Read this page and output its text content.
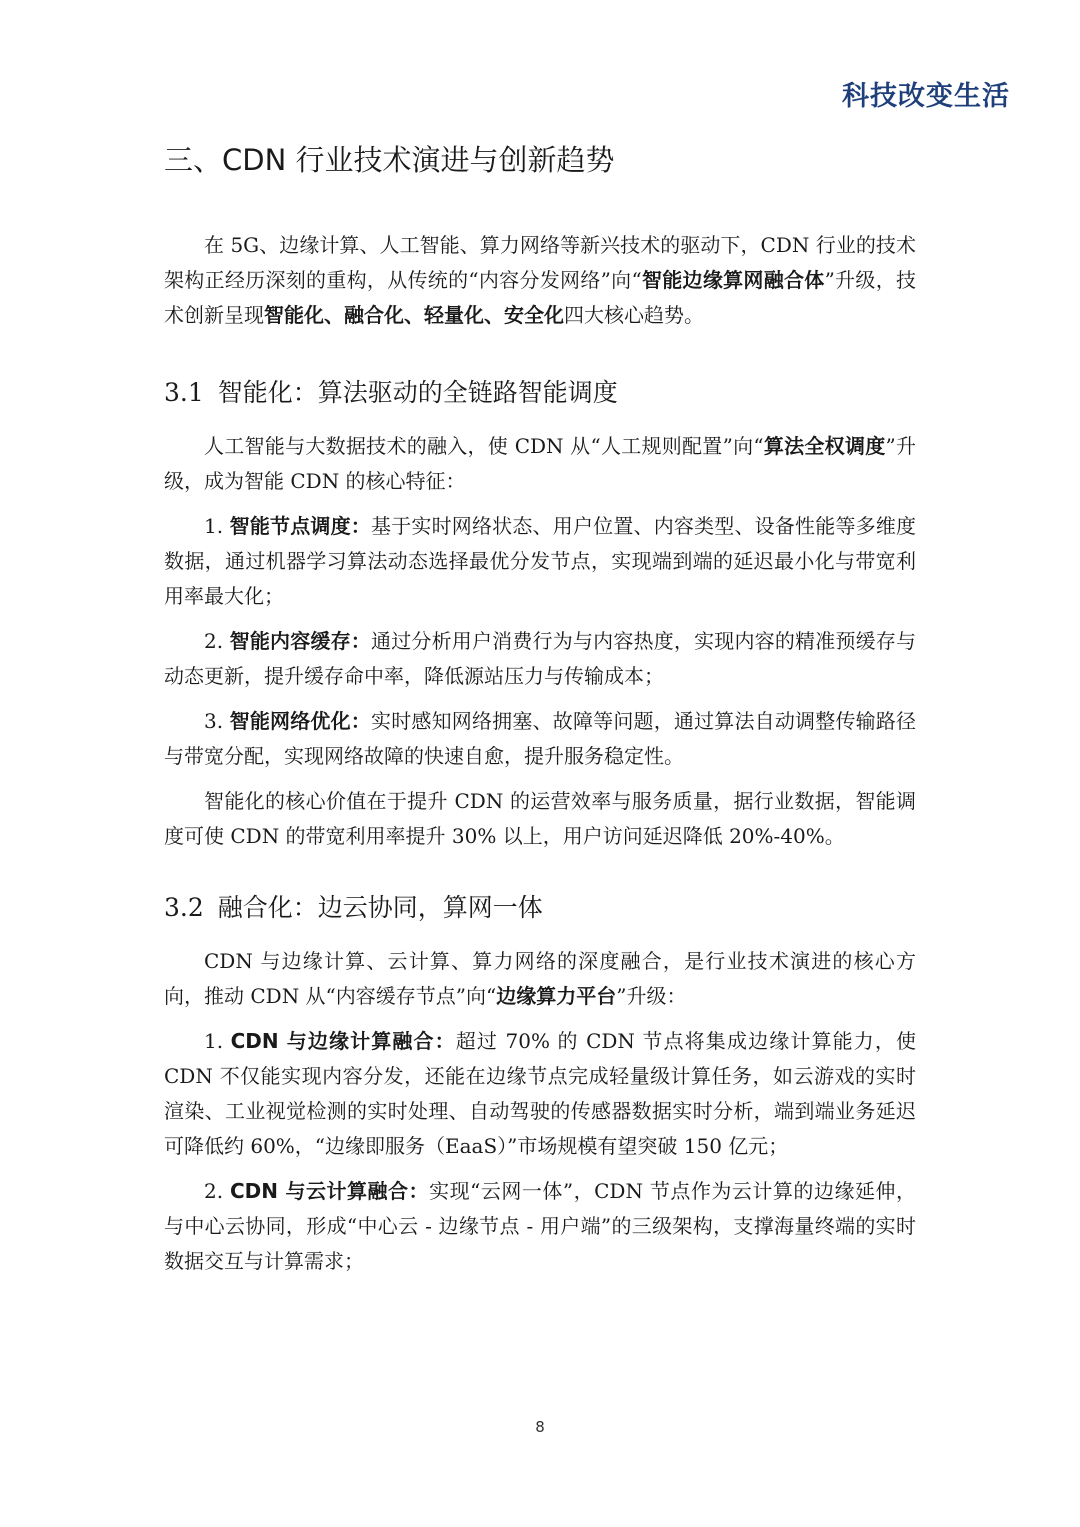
科技改变生活
三、CDN 行业技术演进与创新趋势

在 5G、边缘计算、人工智能、算力网络等新兴技术的驱动下，CDN 行业的技术架构正经历深刻的重构，从传统的“内容分发网络”向“智能边缘算网融合体”升级，技术创新呈现智能化、融合化、轻量化、安全化四大核心趋势。

3.1 智能化：算法驱动的全链路智能调度

人工智能与大数据技术的融入，使 CDN 从“人工规则配置”向“算法全权调度”升级，成为智能 CDN 的核心特征：

1. 智能节点调度：基于实时网络状态、用户位置、内容类型、设备性能等多维度数据，通过机器学习算法动态选择最优分发节点，实现端到端的延迟最小化与带宽利用率最大化；

2. 智能内容缓存：通过分析用户消费行为与内容热度，实现内容的精准预缓存与动态更新，提升缓存命中率，降低源站压力与传输成本；

3. 智能网络优化：实时感知网络拥塞、故障等问题，通过算法自动调整传输路径与带宽分配，实现网络故障的快速自愈，提升服务稳定性。

智能化的核心价值在于提升 CDN 的运营效率与服务质量，据行业数据，智能调度可使 CDN 的带宽利用率提升 30% 以上，用户访问延迟降低 20%-40%。

3.2 融合化：边云协同，算网一体

CDN 与边缘计算、云计算、算力网络的深度融合，是行业技术演进的核心方向，推动 CDN 从“内容缓存节点”向“边缘算力平台”升级：

1. CDN 与边缘计算融合：超过 70% 的 CDN 节点将集成边缘计算能力，使 CDN 不仅能实现内容分发，还能在边缘节点完成轻量级计算任务，如云游戏的实时渲染、工业视觉检测的实时处理、自动驾驶的传感器数据实时分析，端到端业务延迟可降低约 60%，“边缘即服务（EaaS）”市场规模有望突破 150 亿元；

2. CDN 与云计算融合：实现“云网一体”，CDN 节点作为云计算的边缘延伸，与中心云协同，形成“中心云 - 边缘节点 - 用户端”的三级架构，支撑海量终端的实时数据交互与计算需求；

8
